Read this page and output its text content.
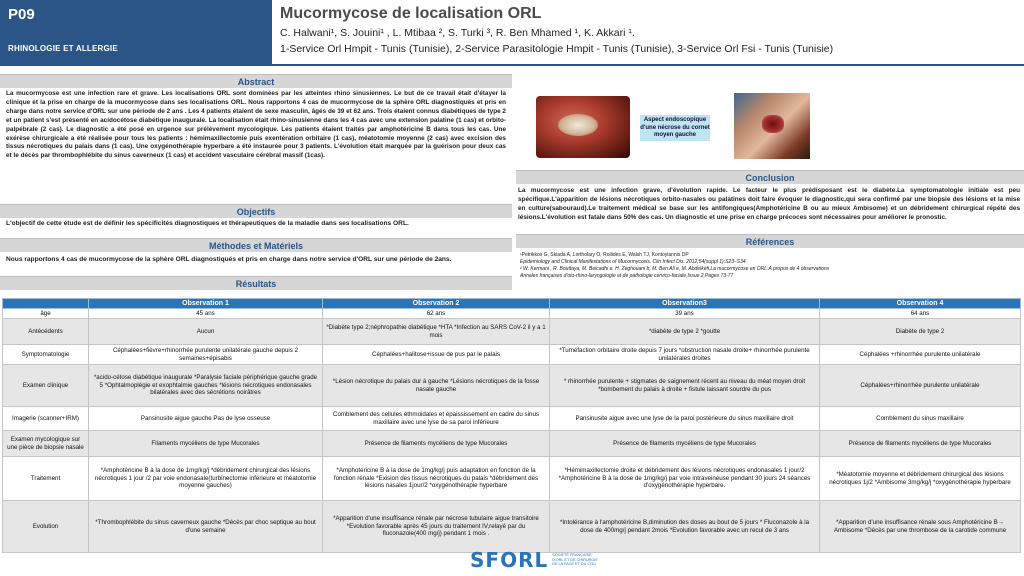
P09
RHINOLOGIE ET ALLERGIE
Mucormycose de localisation ORL
C. Halwani¹, S. Jouini¹ , L. Mtibaa ², S. Turki ³, R. Ben Mhamed ¹, K. Akkari ¹.
1-Service Orl Hmpit - Tunis (Tunisie), 2-Service Parasitologie Hmpit - Tunis (Tunisie), 3-Service Orl Fsi - Tunis (Tunisie)
Abstract
La mucormycose est une infection rare et grave. Les localisations ORL sont dominées par les atteintes rhino sinusiennes. Le but de ce travail était d'étayer la clinique et la prise en charge de la mucormycose dans ses localisations ORL. Nous rapportons 4 cas de mucormycose de la sphère ORL diagnostiqués et pris en charge dans notre service d'ORL sur une période de 2 ans . Les 4 patients étaient de sexe masculin, âgés de 39 et 62 ans. Trois étaient connus diabétiques de type 2 et un patient s'est présenté en acidocétose diabétique inaugurale. La localisation était rhino-sinusienne dans les 4 cas avec une extension palatine (1 cas) et orbito-palpébrale (2 cas). Le diagnostic a été posé en urgence sur prélèvement mycologique. Les patients étaient traités par amphotéricine B dans tous les cas. Une exérèse chirurgicale a été réalisée pour tous les patients : hémimaxillectomie puis exentération orbitaire (1 cas), méatotomie moyenne (2 cas) avec excision des tissus nécrotiques du palais dans (1 cas). Une oxygénothérapie hyperbare a été instaurée pour 3 patients. L'évolution était marquée par la guérison pour deux cas et le décès par thrombophlébite du sinus caverneux (1 cas) et accident vasculaire cérébral massif (1cas).
Objectifs
L'objectif de cette étude est de définir les spécificités diagnostiques et thérapeutiques de la maladie dans ses localisations ORL.
Méthodes et Matériels
Nous rapportons 4 cas de mucormycose de la sphère ORL diagnostiqués et pris en charge dans notre service d'ORL sur une période de 2ans.
Aspect endoscopique d'une nécrose du cornet moyen gauche
Conclusion
La mucormycose est une infection grave, d'évolution rapide. Le facteur le plus prédisposant est le diabète.La symptomatologie initiale est peu spécifique.L'apparition de lésions nécrotiques orbito-nasales ou palatines doit faire évoquer le diagnostic,qui sera confirmé par une biopsie des lésions et la mise en culture(sabouraud).Le traitement médical se base sur les antifongiques(Amphotéricine B ou au mieux Ambisome) et un débridement chirurgical répété des lésions.L'évolution est fatale dans 50% des cas. Un diagnostic et une prise en charge précoces sont nécessaires pour améliorer le pronostic.
Références
¹Petrikkos G, Skiada A, Lortholary O, Roilides E, Walsh TJ, Kontoyiannis DP
Epidemiology and Clinical Manifestations of Mucormycosis. Clin Infect Dis. 2012;54(suppl 1):S23–S34
² W. Kermani , R. Bouttaya, M. Belcadhi e, H. Zeghouani b, M. Ben Ali e, M. Abdelkéfi,La mucormycose en ORL:A propos de 4 observations
Annales françaises d'oto-rhino-laryngologie et de pathologie cervico-faciale,Issue 2,Pages 73-77
Résultats
	Observation 1	Observation 2	Observation3	Observation 4
âge	45 ans	62 ans	39 ans	64 ans
Antécédents	Aucun	*Diabète type 2;néphropathie diabétique *HTA *Infection au SARS CoV-2 il y a 1 mois	*diabète de type 2 *goutte	Diabète de type 2
Symptomatologie	Céphalées+fièvre+rhinorrhée purulente unilatérale gauche depuis 2 semaines+épisabis	Céphalées+halitose+issue de pus par le palais	*Tuméfaction orbitaire droite depuis 7 jours *obstruction nasale droite+ rhinorrhée purulente unilatérales droites	Céphalées +rhinorrhée purulente unilatérale
Examen clinique	*acido-cétose diabétique inaugurale *Paralysie faciale périphérique gauche grade 5 *Ophtalmoplégie et exophtalmie gauches *lésions nécrotiques endonasales bilatérales avec des sécrétions noirâtres	*Lésion nécrotique du palais dur à gauche *Lésions nécrotiques de la fosse nasale gauche	* rhinorrhée purulente + stigmates de saignement récent au niveau du méat moyen droit *bombement du palais à droite + fistule laissant sourdre du pus	Céphalées+rhinorrhée purulente unilatérale
Imagerie (scanner+IRM)	Pansinusite aigue gauche Pas de lyse osseuse	Comblement des cellules éthmoidales et épaississement en cadre du sinus maxillaire avec une lyse de sa paroi inférieure	Pansinusite aigue avec une lyse de la paroi postérieure du sinus maxillaire droit	Comblement du sinus maxillaire
Examen mycologique sur une pièce de biopsie nasale	Filaments mycéliens de type Mucorales	Présence de filaments mycéliens de type Mucorales	Présence de filaments mycéliens de type Mucorales	Présence de filaments mycéliens de type Mucorales
Traitement	*Amphotéricine B à la dose de 1mg/kg/j *débridement chirurgical des lésions nécrotiques 1 jour /2 par voie endonasale(turbinectomie inférieure et méatotomie moyenne gauches)	*Amphotéricine B à la dose de 1mg/kg/j puis adaptation en fonction de la fonction rénale *Exision des tissus nécrotiques du palais *débridement des lésions nasales 1jour/2 *oxygénothérapie hyperbare	*Hémimaxillectomie droite et débridement des lésions nécrotiques endonasales 1 jour/2 *Amphotéricine B à la dose de 1mg/kg/j par voie intraveineuse pendant 30 jours 24 séances d'oxygénothérapie hyperbare.	*Méatotomie moyenne et débridement chirurgical des lésions nécrotiques 1j/2 *Ambisome 3mg/kg/j *oxygénothérapie hyperbare
Evolution	*Thrombophlébite du sinus caverneux gauche *Décès par choc septique au bout d'une semaine	*Apparition d'une insuffisance rénale par nécrose tubulaire aigue transitoire *Evolution favorable après 45 jours du traitement IV,relayé par du fluconazole(400 mg/j) pendant 1 mois .	*Intolérance à l'amphotéricine B,diminution des doses au bout de 5 jours * Fluconazole à la dose de 400mg/j pendant 2mois *Evolution favorable avec un recul de 3 ans	*Apparition d'une insuffisance rénale sous Amphotéricine B→ Ambisome *Décès par une thrombose de la carotide commune
SFORL SOCIÉTÉ FRANÇAISE D'ORL ET DE CHIRURGIE DE LA FACE ET DU COU
